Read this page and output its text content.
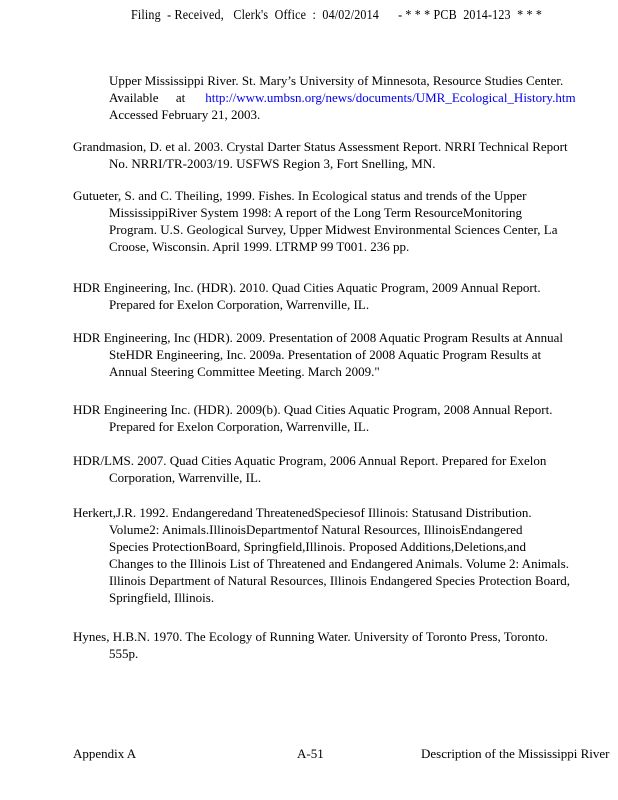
Filing  - Received,   Clerk's  Office  :  04/02/2014      - * * * PCB  2014-123  * * *
Upper Mississippi River. St. Mary’s University of Minnesota, Resource Studies Center.
Available at http://www.umbsn.org/news/documents/UMR_Ecological_History.htm
Accessed February 21, 2003.
Grandmasion, D. et al. 2003. Crystal Darter Status Assessment Report. NRRI Technical Report
No. NRRI/TR-2003/19. USFWS Region 3, Fort Snelling, MN.
Gutueter, S. and C. Theiling, 1999. Fishes. In Ecological status and trends of the Upper
MississippiRiver System 1998: A report of the Long Term ResourceMonitoring
Program. U.S. Geological Survey, Upper Midwest Environmental Sciences Center, La
Croose, Wisconsin. April 1999. LTRMP 99 T001. 236 pp.
HDR Engineering, Inc. (HDR). 2010. Quad Cities Aquatic Program, 2009 Annual Report.
Prepared for Exelon Corporation, Warrenville, IL.
HDR Engineering, Inc (HDR). 2009. Presentation of 2008 Aquatic Program Results at Annual
SteHDR Engineering, Inc. 2009a. Presentation of 2008 Aquatic Program Results at
Annual Steering Committee Meeting. March 2009."
HDR Engineering Inc. (HDR). 2009(b). Quad Cities Aquatic Program, 2008 Annual Report.
Prepared for Exelon Corporation, Warrenville, IL.
HDR/LMS. 2007. Quad Cities Aquatic Program, 2006 Annual Report. Prepared for Exelon
Corporation, Warrenville, IL.
Herkert,J.R. 1992. Endangeredand ThreatenedSpeciesof Illinois: Statusand Distribution.
Volume2: Animals.IllinoisDepartmentof Natural Resources, IllinoisEndangered
Species ProtectionBoard, Springfield,Illinois. Proposed Additions,Deletions,and
Changes to the Illinois List of Threatened and Endangered Animals. Volume 2: Animals.
Illinois Department of Natural Resources, Illinois Endangered Species Protection Board,
Springfield, Illinois.
Hynes, H.B.N. 1970. The Ecology of Running Water. University of Toronto Press, Toronto.
555p.
Appendix A	A-51	Description of the Mississippi River
